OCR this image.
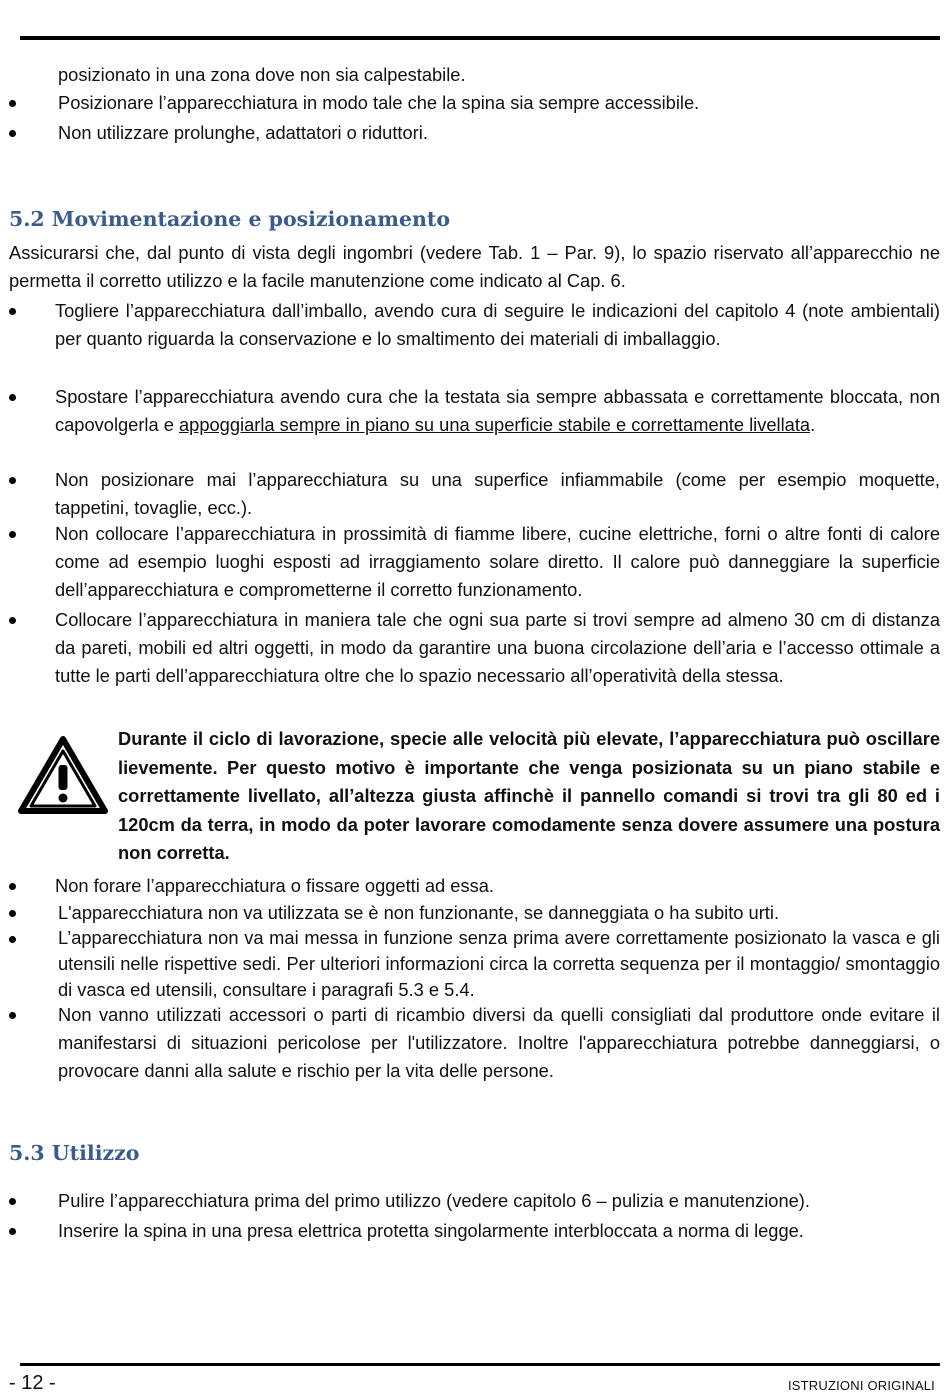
posizionato in una zona dove non sia calpestabile.
Posizionare l’apparecchiatura in modo tale che la spina sia sempre accessibile.
Non utilizzare prolunghe, adattatori o riduttori.
5.2 Movimentazione e posizionamento
Assicurarsi che, dal punto di vista degli ingombri (vedere Tab. 1 – Par. 9), lo spazio riservato all’apparecchio ne permetta il corretto utilizzo e la facile manutenzione come indicato al Cap. 6.
Togliere l’apparecchiatura dall’imballo, avendo cura di seguire le indicazioni del capitolo 4 (note ambientali) per quanto riguarda la conservazione e lo smaltimento dei materiali di imballaggio.
Spostare l’apparecchiatura avendo cura che la testata sia sempre abbassata e correttamente bloccata, non capovolgerla e appoggiarla sempre in piano su una superficie stabile e correttamente livellata.
Non posizionare mai l’apparecchiatura su una superfice infiammabile (come per esempio moquette, tappetini, tovaglie, ecc.).
Non collocare l’apparecchiatura in prossimità di fiamme libere, cucine elettriche, forni o altre fonti di calore come ad esempio luoghi esposti ad irraggiamento solare diretto. Il calore può danneggiare la superficie dell’apparecchiatura e comprometterne il corretto funzionamento.
Collocare l’apparecchiatura in maniera tale che ogni sua parte si trovi sempre ad almeno 30 cm di distanza da pareti, mobili ed altri oggetti, in modo da garantire una buona circolazione dell’aria e l’accesso ottimale a tutte le parti dell’apparecchiatura oltre che lo spazio necessario all’operatività della stessa.
Durante il ciclo di lavorazione, specie alle velocità più elevate, l’apparecchiatura può oscillare lievemente. Per questo motivo è importante che venga posizionata su un piano stabile e correttamente livellato, all’altezza giusta affinchè il pannello comandi si trovi tra gli 80 ed i 120cm da terra, in modo da poter lavorare comodamente senza dovere assumere una postura non corretta.
Non forare l’apparecchiatura o fissare oggetti ad essa.
L'apparecchiatura non va utilizzata se è non funzionante, se danneggiata o ha subito urti.
L’apparecchiatura non va mai messa in funzione senza prima avere correttamente posizionato la vasca e gli utensili nelle rispettive sedi. Per ulteriori informazioni circa la corretta sequenza per il montaggio/ smontaggio di vasca ed utensili, consultare i paragrafi 5.3 e 5.4.
Non vanno utilizzati accessori o parti di ricambio diversi da quelli consigliati dal produttore onde evitare il manifestarsi di situazioni pericolose per l'utilizzatore. Inoltre l'apparecchiatura potrebbe danneggiarsi, o provocare danni alla salute e rischio per la vita delle persone.
5.3 Utilizzo
Pulire l’apparecchiatura prima del primo utilizzo (vedere capitolo 6 – pulizia e manutenzione).
Inserire la spina in una presa elettrica protetta singolarmente interbloccata a norma di legge.
- 12 -	ISTRUZIONI ORIGINALI
